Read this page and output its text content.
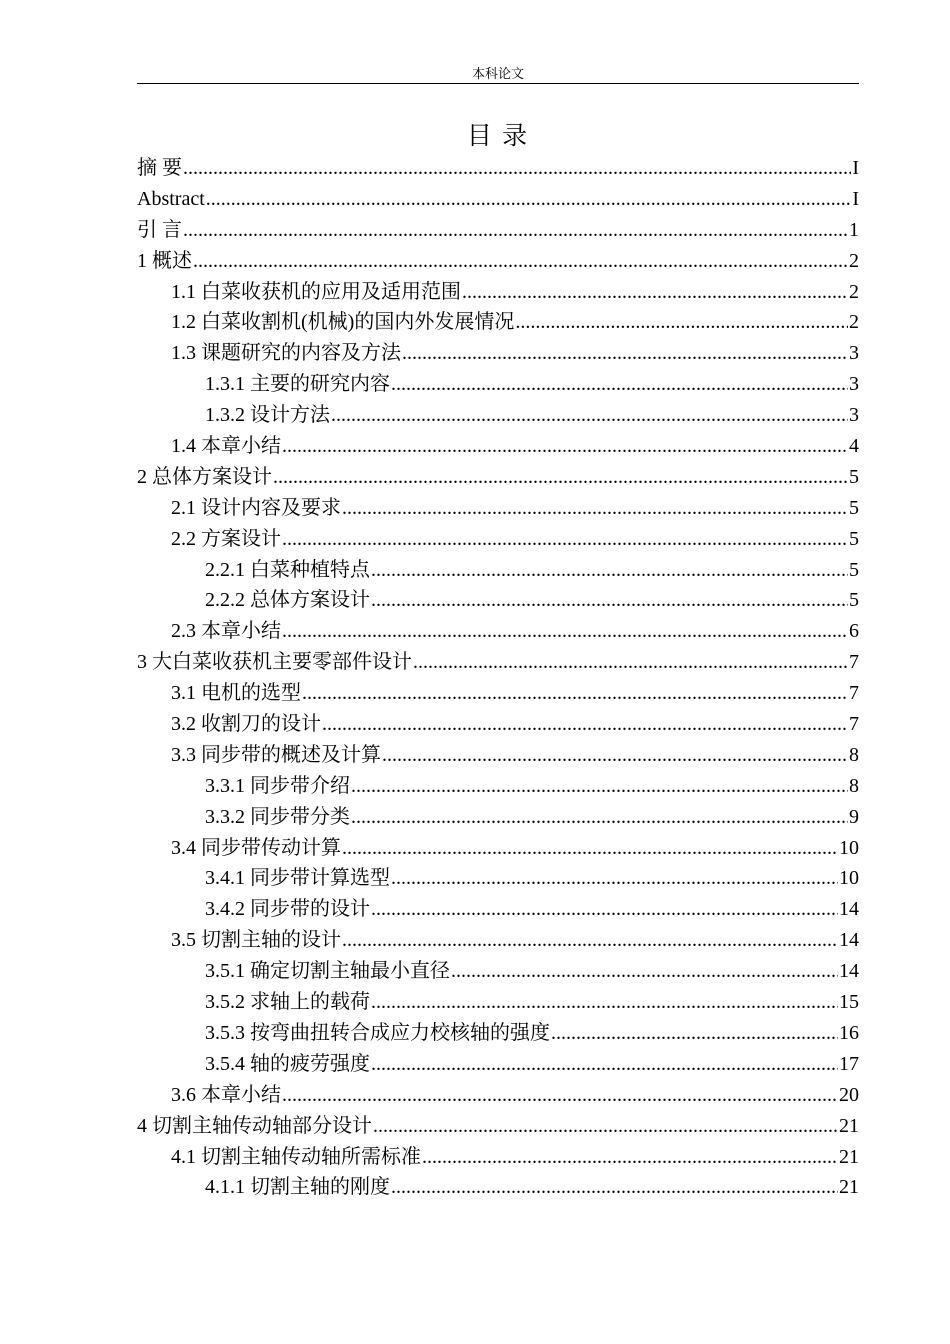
本科论文
目 录
摘 要 .....	I
Abstract .....	I
引 言 .....	1
1 概述 .....	2
1.1 白菜收获机的应用及适用范围 .....	2
1.2 白菜收割机(机械)的国内外发展情况 .....	2
1.3 课题研究的内容及方法 .....	3
1.3.1 主要的研究内容 .....	3
1.3.2 设计方法 .....	3
1.4 本章小结 .....	4
2 总体方案设计 .....	5
2.1 设计内容及要求 .....	5
2.2 方案设计 .....	5
2.2.1 白菜种植特点 .....	5
2.2.2 总体方案设计 .....	5
2.3 本章小结 .....	6
3 大白菜收获机主要零部件设计 .....	7
3.1 电机的选型 .....	7
3.2 收割刀的设计 .....	7
3.3 同步带的概述及计算 .....	8
3.3.1 同步带介绍 .....	8
3.3.2 同步带分类 .....	9
3.4 同步带传动计算 .....	10
3.4.1 同步带计算选型 .....	10
3.4.2 同步带的设计 .....	14
3.5 切割主轴的设计 .....	14
3.5.1 确定切割主轴最小直径 .....	14
3.5.2 求轴上的载荷 .....	15
3.5.3 按弯曲扭转合成应力校核轴的强度 .....	16
3.5.4 轴的疲劳强度 .....	17
3.6 本章小结 .....	20
4 切割主轴传动轴部分设计 .....	21
4.1 切割主轴传动轴所需标准 .....	21
4.1.1 切割主轴的刚度 .....	21
